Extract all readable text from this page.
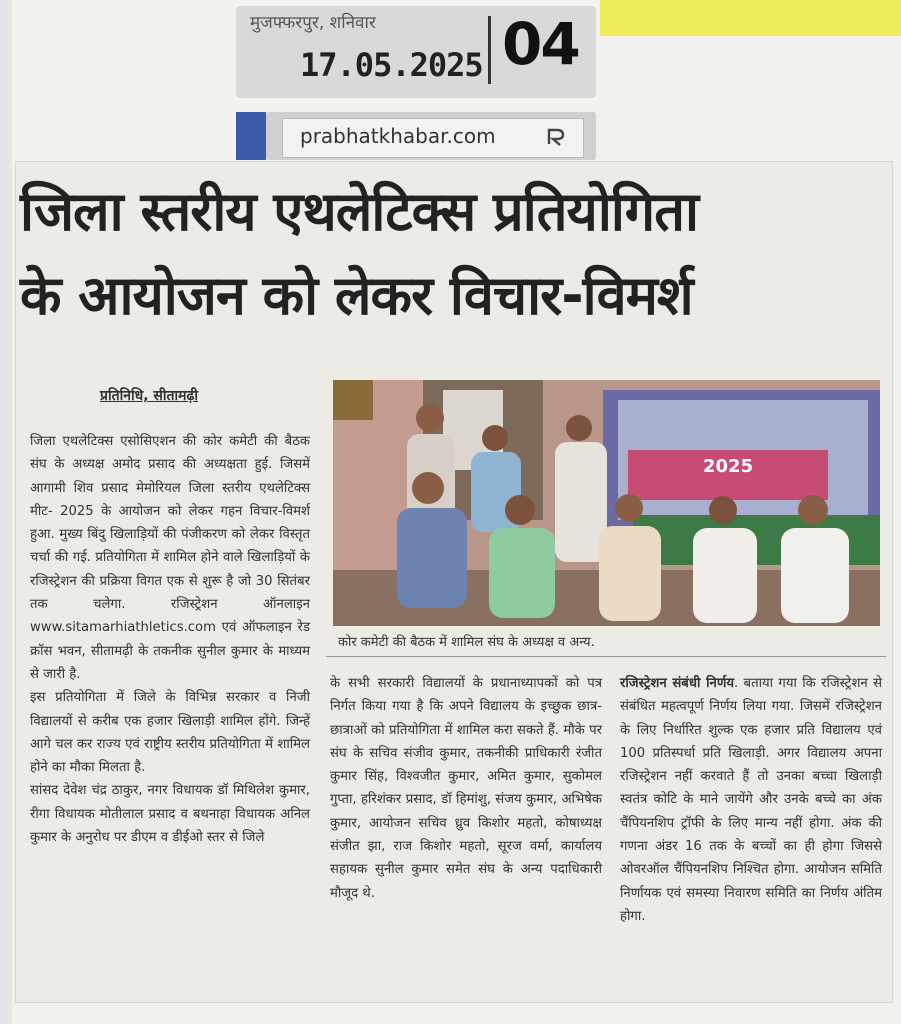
मुजफ्फरपुर, शनिवार
17.05.2025 04
prabhatkhabar.com
जिला स्तरीय एथलेटिक्स प्रतियोगिता
के आयोजन को लेकर विचार-विमर्श
प्रतिनिधि, सीतामढ़ी

जिला एथलेटिक्स एसोसिएशन की कोर कमेटी की बैठक संघ के अध्यक्ष अमोद प्रसाद की अध्यक्षता हुई. जिसमें आगामी शिव प्रसाद मेमोरियल जिला स्तरीय एथलेटिक्स मीट- 2025 के आयोजन को लेकर गहन विचार-विमर्श हुआ. मुख्य बिंदु खिलाड़ियों की पंजीकरण को लेकर विस्तृत चर्चा की गई. प्रतियोगिता में शामिल होने वाले खिलाड़ियों के रजिस्ट्रेशन की प्रक्रिया विगत एक से शुरू है जो 30 सितंबर तक चलेगा. रजिस्ट्रेशन ऑनलाइन www.sitamarhiathletics.com एवं ऑफलाइन रेड क्रॉस भवन, सीतामढ़ी के तकनीक सुनील कुमार के माध्यम से जारी है.

इस प्रतियोगिता में जिले के विभिन्न सरकार व निजी विद्यालयों से करीब एक हजार खिलाड़ी शामिल होंगे. जिन्हें आगे चल कर राज्य एवं राष्ट्रीय स्तरीय प्रतियोगिता में शामिल होने का मौका मिलता है.

सांसद देवेश चंद्र ठाकुर, नगर विधायक डॉ मिथिलेश कुमार, रीगा विधायक मोतीलाल प्रसाद व बथनाहा विधायक अनिल कुमार के अनुरोध पर डीएम व डीईओ स्तर से जिले

2025
कोर कमेटी की बैठक में शामिल संघ के अध्यक्ष व अन्य.

के सभी सरकारी विद्यालयों के प्रधानाध्यापकों को पत्र निर्गत किया गया है कि अपने विद्यालय के इच्छुक छात्र-छात्राओं को प्रतियोगिता में शामिल करा सकते हैं. मौके पर संघ के सचिव संजीव कुमार, तकनीकी प्राधिकारी रंजीत कुमार सिंह, विश्वजीत कुमार, अमित कुमार, सुकोमल गुप्ता, हरिशंकर प्रसाद, डॉ हिमांशु, संजय कुमार, अभिषेक कुमार, आयोजन सचिव ध्रुव किशोर महतो, कोषाध्यक्ष संजीत झा, राज किशोर महतो, सूरज वर्मा, कार्यालय सहायक सुनील कुमार समेत संघ के अन्य पदाधिकारी मौजूद थे.

रजिस्ट्रेशन संबंधी निर्णय. बताया गया कि रजिस्ट्रेशन से संबंधित महत्वपूर्ण निर्णय लिया गया. जिसमें रजिस्ट्रेशन के लिए निर्धारित शुल्क एक हजार प्रति विद्यालय एवं 100 प्रतिस्पर्धा प्रति खिलाड़ी. अगर विद्यालय अपना रजिस्ट्रेशन नहीं करवाते हैं तो उनका बच्चा खिलाड़ी स्वतंत्र कोटि के माने जायेंगे और उनके बच्चे का अंक चैंपियनशिप ट्रॉफी के लिए मान्य नहीं होगा. अंक की गणना अंडर 16 तक के बच्चों का ही होगा जिससे ओवरऑल चैंपियनशिप निश्चित होगा. आयोजन समिति निर्णायक एवं समस्या निवारण समिति का निर्णय अंतिम होगा.
